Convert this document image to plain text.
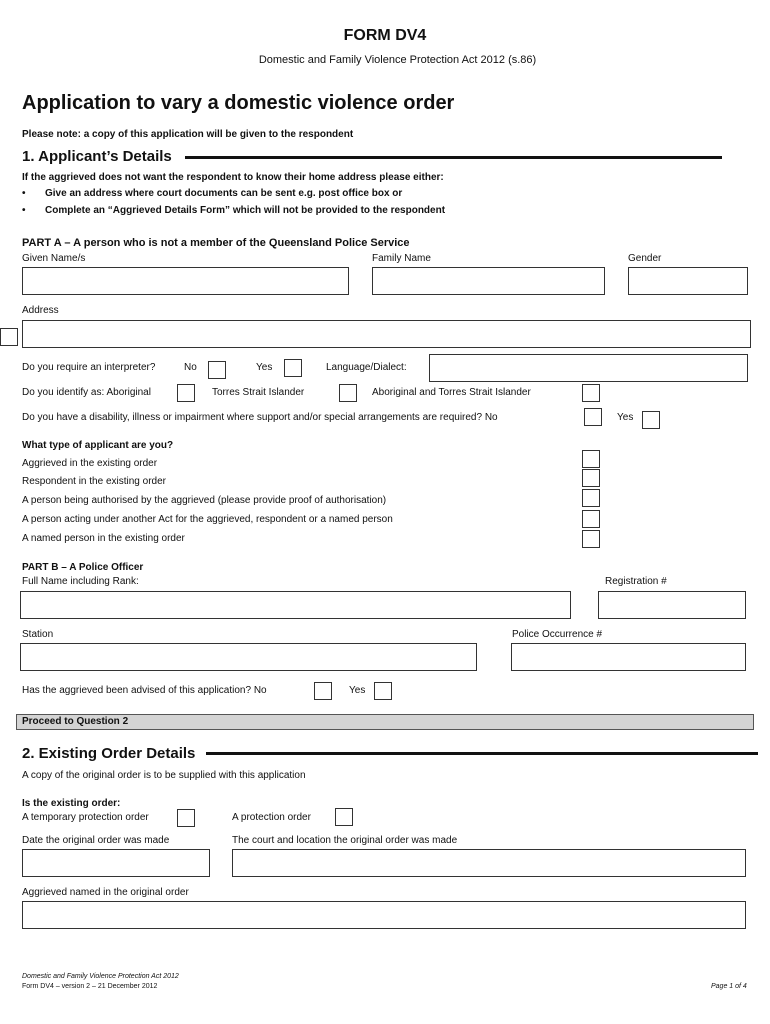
FORM DV4
Domestic and Family Violence Protection Act 2012 (s.86)
Application to vary a domestic violence order
Please note: a copy of this application will be given to the respondent
1. Applicant’s Details
If the aggrieved does not want the respondent to know their home address please either:
• Give an address where court documents can be sent e.g. post office box or
• Complete an “Aggrieved Details Form” which will not be provided to the respondent
PART A – A person who is not a member of the Queensland Police Service
Given Name/s	Family Name	Gender
Address
Do you require an interpreter?	No	Yes	Language/Dialect:
Do you identify as: Aboriginal	Torres Strait Islander	Aboriginal and Torres Strait Islander
Do you have a disability, illness or impairment where support and/or special arrangements are required? No	Yes
What type of applicant are you?
Aggrieved in the existing order
Respondent in the existing order
A person being authorised by the aggrieved (please provide proof of authorisation)
A person acting under another Act for the aggrieved, respondent or a named person
A named person in the existing order
PART B – A Police Officer
Full Name including Rank:	Registration #
Station	Police Occurrence #
Has the aggrieved been advised of this application? No	Yes
Proceed to Question 2
2. Existing Order Details
A copy of the original order is to be supplied with this application
Is the existing order:
A temporary protection order	A protection order
Date the original order was made	The court and location the original order was made
Aggrieved named in the original order
Domestic and Family Violence Protection Act 2012
Form DV4 – version 2 – 21 December 2012	Page 1 of 4
